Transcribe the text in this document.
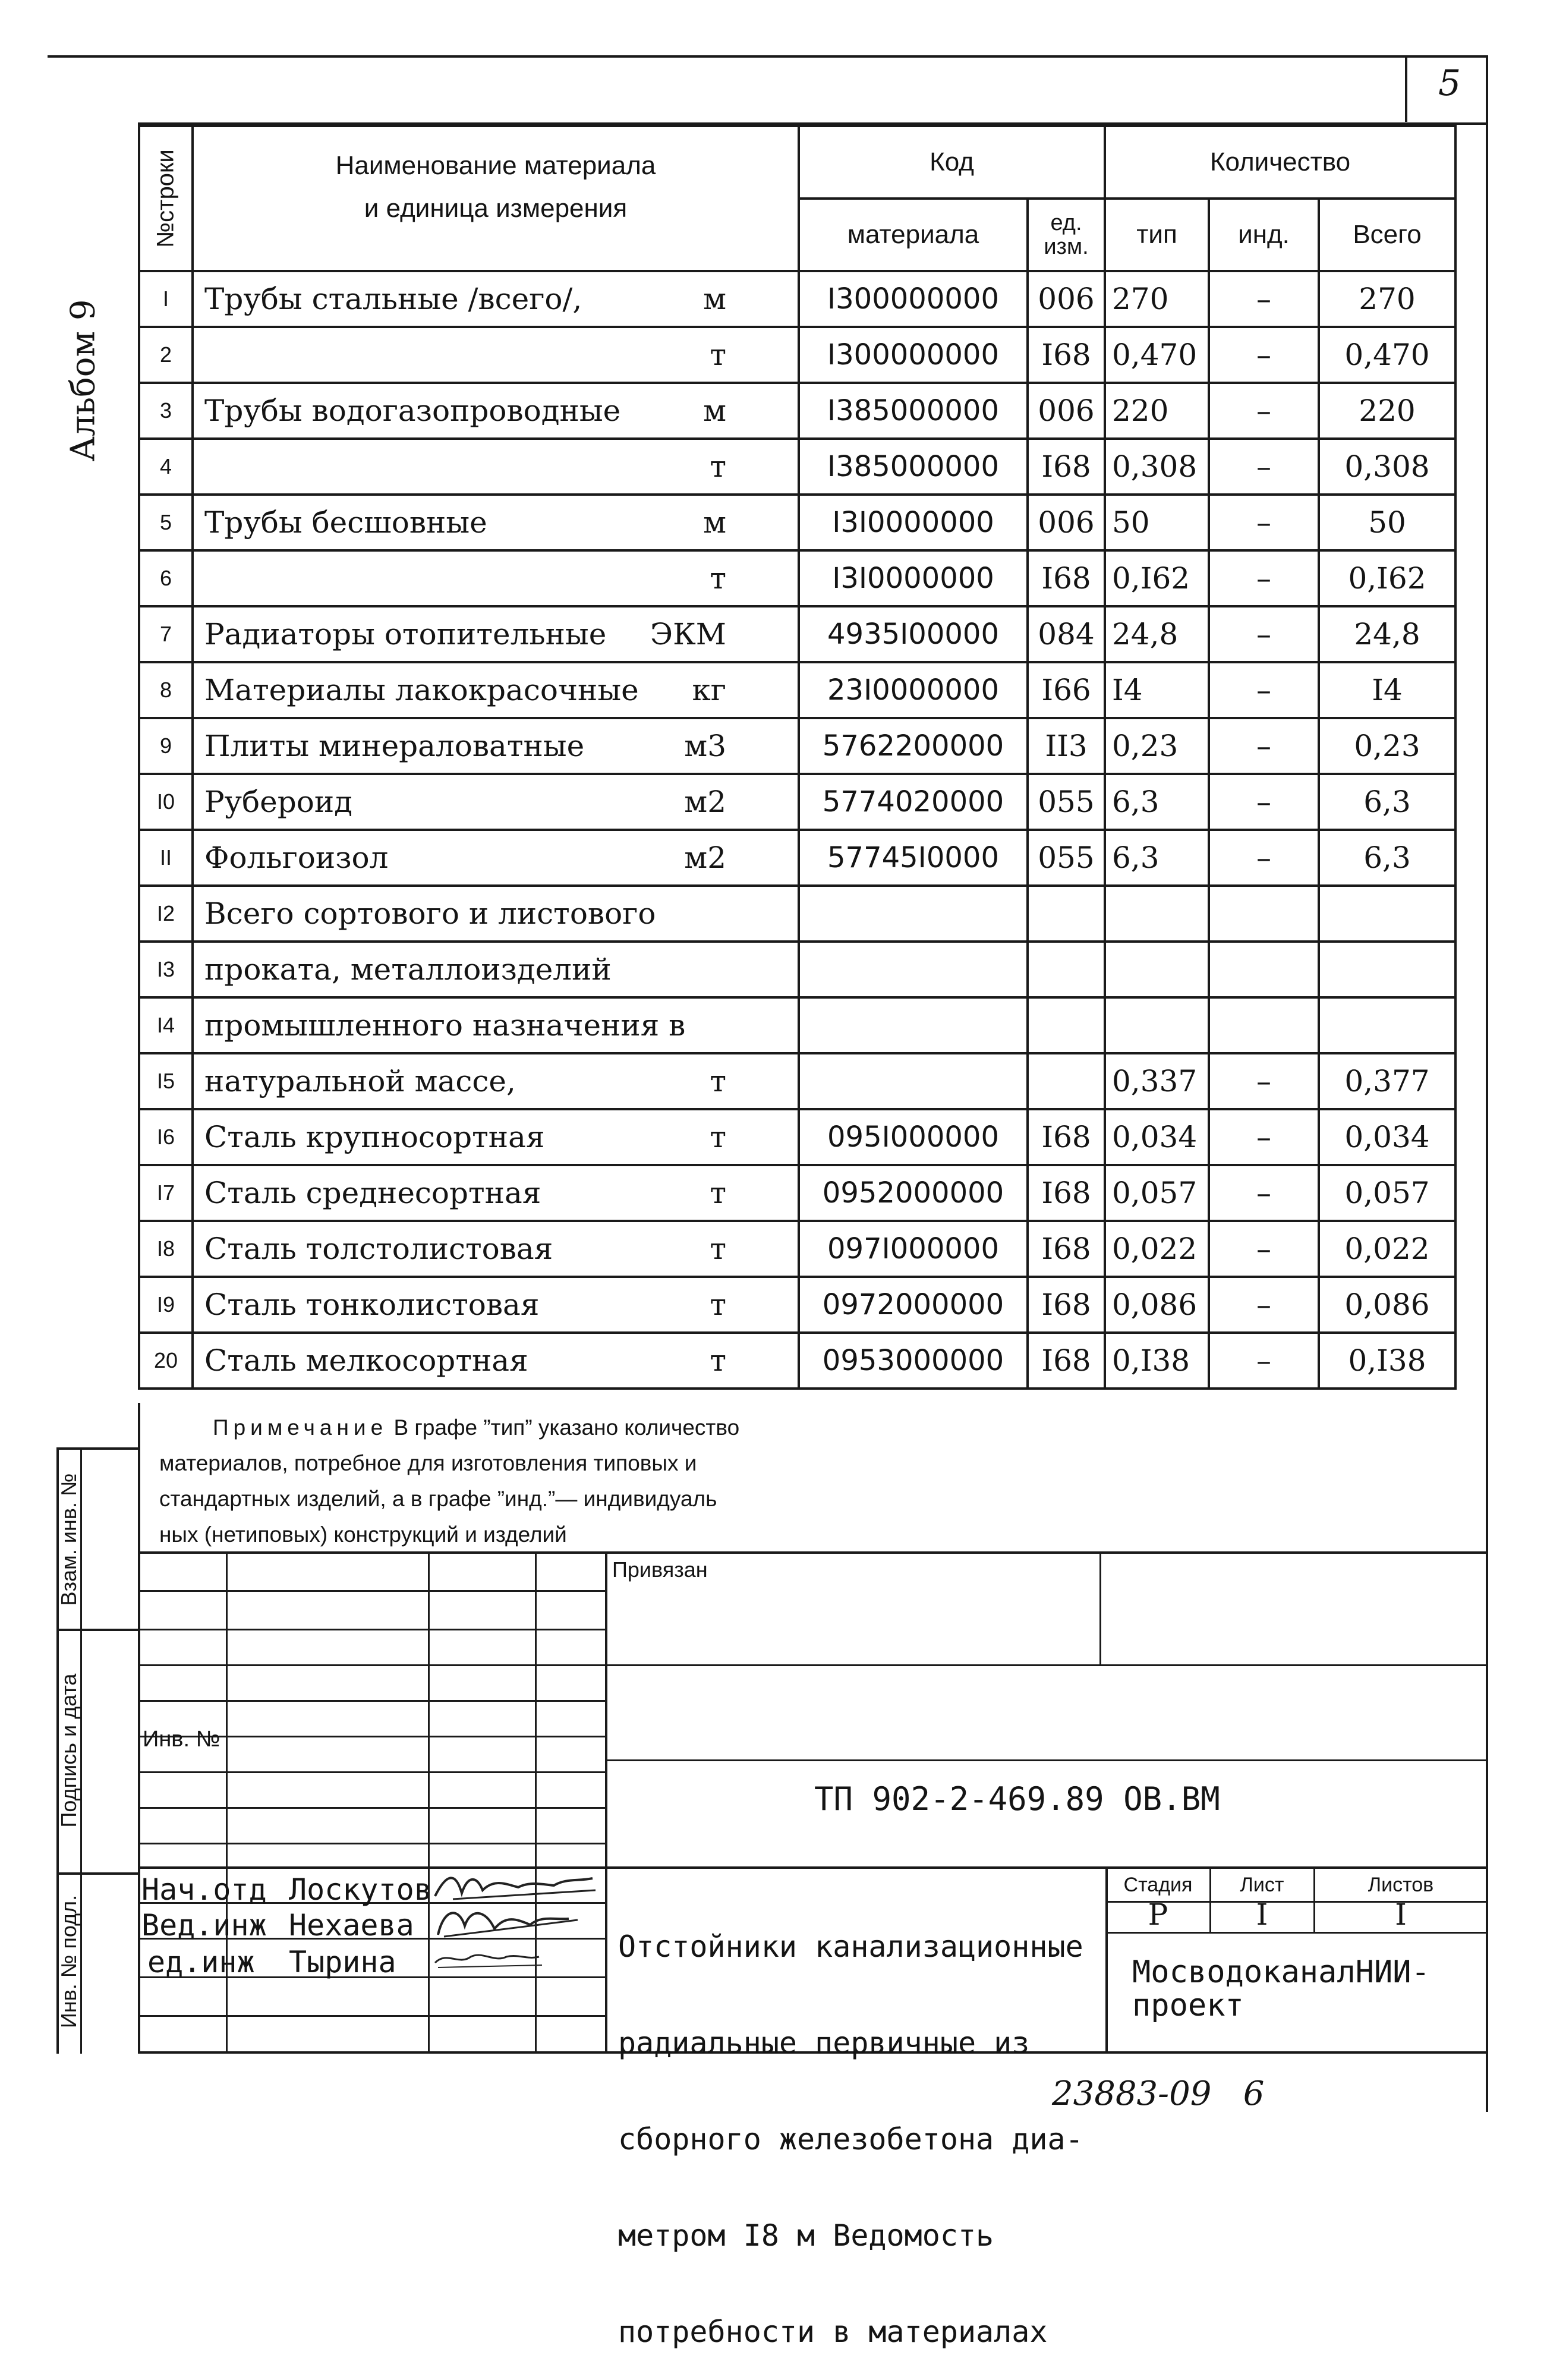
5
Альбом 9
№строки	Наименование материала
и единица измерения	Код		Количество		
		материала	ед. изм.	тип	инд.	Всего
I	Трубы стальные /всего/, м	I300000000	006	270	–	270
2	т	I300000000	I68	0,470	–	0,470
3	Трубы водогазопроводные м	I385000000	006	220	–	220
4	т	I385000000	I68	0,308	–	0,308
5	Трубы бесшовные м	I3I0000000	006	50	–	50
6	т	I3I0000000	I68	0,I62	–	0,I62
7	Радиаторы отопительные ЭКМ	4935I00000	084	24,8	–	24,8
8	Материалы лакокрасочные кг	23I0000000	I66	I4	–	I4
9	Плиты минераловатные м3	5762200000	II3	0,23	–	0,23
I0	Рубероид м2	5774020000	055	6,3	–	6,3
II	Фольгоизол м2	57745I0000	055	6,3	–	6,3
I2	Всего сортового и листового

I3	проката, металлоизделий

I4	промышленного назначения в

I5	натуральной массе, т			0,337	–	0,377
I6	Сталь крупносортная т	095I000000	I68	0,034	–	0,034
I7	Сталь среднесортная т	0952000000	I68	0,057	–	0,057
I8	Сталь толстолистовая т	097I000000	I68	0,022	–	0,022
I9	Сталь тонколистовая т	0972000000	I68	0,086	–	0,086
20	Сталь мелкосортная т	0953000000	I68	0,I38	–	0,I38
Примечание В графе ”тип” указано количество
материалов, потребное для изготовления типовых и
стандартных изделий, а в графе ”инд.”— индивидуаль
ных (нетиповых) конструкций и изделий
Взам. инв. №
Подпись и дата
Инв. № подл.
Привязан
Инв. №
ТП 902-2-469.89 ОВ.ВМ
Нач.отд Лоскутов
Вед.инж Нехаева
ед.инж Тырина

	Отстойники канализационные

радиальные первичные из

сборного железобетона диа-

метром I8 м Ведомость

потребности в материалах

Стадия	Лист	Листов
Р	I	I
МосводоканалНИИ-
проект
23883-09   6
